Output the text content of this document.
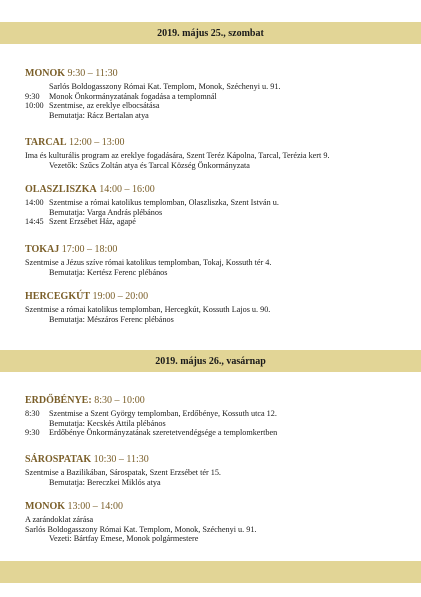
2019. május 25., szombat
2019. május 26., vasárnap
MONOK 9:30 – 11:30
Sarlós Boldogasszony Római Kat. Templom, Monok, Széchenyi u. 91.
9:30 Monok Önkormányzatának fogadása a templomnál
10:00 Szentmise, az ereklye elbocsátása
Bemutatja: Rácz Bertalan atya
TARCAL 12:00 – 13:00
Ima és kulturális program az ereklye fogadására, Szent Teréz Kápolna, Tarcal, Terézia kert 9.
Vezetők: Szűcs Zoltán atya és Tarcal Község Önkormányzata
OLASZLISZKA 14:00 – 16:00
14:00 Szentmise a római katolikus templomban, Olaszliszka, Szent István u.
Bemutatja: Varga András plébános
14:45 Szent Erzsébet Ház, agapé
TOKAJ 17:00 – 18:00
Szentmise a Jézus szíve római katolikus templomban, Tokaj, Kossuth tér 4.
Bemutatja: Kertész Ferenc plébános
HERCEGKÚT 19:00 – 20:00
Szentmise a római katolikus templomban, Hercegkút, Kossuth Lajos u. 90.
Bemutatja: Mészáros Ferenc plébános
ERDŐBÉNYE: 8:30 – 10:00
8:30 Szentmise a Szent György templomban, Erdőbénye, Kossuth utca 12.
Bemutatja: Kecskés Attila plébános
9:30 Erdőbénye Önkormányzatának szeretetvendégsége a templomkertben
SÁROSPATAK 10:30 – 11:30
Szentmise a Bazilikában, Sárospatak, Szent Erzsébet tér 15.
Bemutatja: Bereczkei Miklós atya
MONOK 13:00 – 14:00
A zarándoklat zárása
Sarlós Boldogasszony Római Kat. Templom, Monok, Széchenyi u. 91.
Vezeti: Bártfay Emese, Monok polgármestere
